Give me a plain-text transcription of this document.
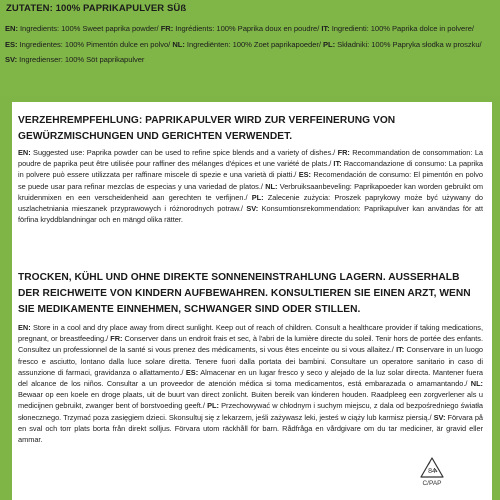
ZUTATEN: 100% PAPRIKAPULVER SÜß
EN: Ingredients: 100% Sweet paprika powder/ FR: Ingrédients: 100% Paprika doux en poudre/ IT: Ingredienti: 100% Paprika dolce in polvere/
ES: Ingredientes: 100% Pimentón dulce en polvo/ NL: Ingrediënten: 100% Zoet paprikapoeder/ PL: Składniki: 100% Papryka słodka w proszku/
SV: Ingredienser: 100% Söt paprikapulver
VERZEHREMPFEHLUNG: PAPRIKAPULVER WIRD ZUR VERFEINERUNG VON GEWÜRZMISCHUNGEN UND GERICHTEN VERWENDET.
EN: Suggested use: Paprika powder can be used to refine spice blends and a variety of dishes./ FR: Recommandation de consommation: La poudre de paprika peut être utilisée pour raffiner des mélanges d'épices et une variété de plats./ IT: Raccomandazione di consumo: La paprika in polvere può essere utilizzata per raffinare miscele di spezie e una varietà di piatti./ ES: Recomendación de consumo: El pimentón en polvo se puede usar para refinar mezclas de especias y una variedad de platos./ NL: Verbruiksaanbeveling: Paprikapoeder kan worden gebruikt om kruidenmixen en een verscheidenheid aan gerechten te verfijnen./ PL: Zalecenie zużycia: Proszek paprykowy może być używany do uszlachetniania mieszanek przyprawowych i różnorodnych potraw./ SV: Konsumtionsrekommendation: Paprikapulver kan användas för att förfina kryddblandningar och en mängd olika rätter.
TROCKEN, KÜHL UND OHNE DIREKTE SONNENEINSTRAHLUNG LAGERN. AUSSERHALB DER REICHWEITE VON KINDERN AUFBEWAHREN. KONSULTIEREN SIE EINEN ARZT, WENN SIE MEDIKAMENTE EINNEHMEN, SCHWANGER SIND ODER STILLEN.
EN: Store in a cool and dry place away from direct sunlight. Keep out of reach of children. Consult a healthcare provider if taking medications, pregnant, or breastfeeding./ FR: Conserver dans un endroit frais et sec, à l'abri de la lumière directe du soleil. Tenir hors de portée des enfants. Consultez un professionnel de la santé si vous prenez des médicaments, si vous êtes enceinte ou si vous allaitez./ IT: Conservare in un luogo fresco e asciutto, lontano dalla luce solare diretta. Tenere fuori dalla portata dei bambini. Consultare un operatore sanitario in caso di assunzione di farmaci, gravidanza o allattamento./ ES: Almacenar en un lugar fresco y seco y alejado de la luz solar directa. Mantener fuera del alcance de los niños. Consultar a un proveedor de atención médica si toma medicamentos, está embarazada o amamantando./ NL: Bewaar op een koele en droge plaats, uit de buurt van direct zonlicht. Buiten bereik van kinderen houden. Raadpleeg een zorgverlener als u medicijnen gebruikt, zwanger bent of borstvoeding geeft./ PL: Przechowywać w chłodnym i suchym miejscu, z dala od bezpośredniego światła słonecznego. Trzymać poza zasięgiem dzieci. Skonsultuj się z lekarzem, jeśli zażywasz leki, jesteś w ciąży lub karmisz piersią./ SV: Förvara på en sval och torr plats borta från direkt solljus. Förvara utom räckhåll för barn. Rådfråga en vårdgivare om du tar mediciner, är gravid eller ammar.
84
C/PAP
